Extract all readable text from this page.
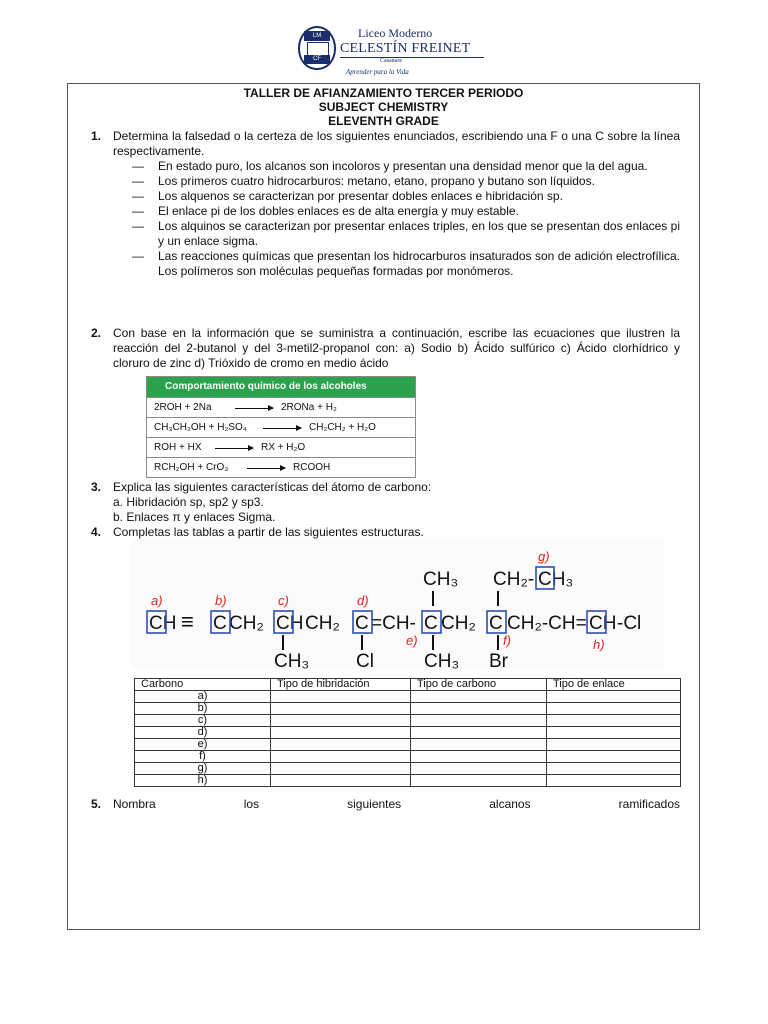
LM
CF
Liceo Moderno
CELESTÍN FREINET
Casanare
Aprender para la Vida
TALLER DE AFIANZAMIENTO TERCER PERIODO
SUBJECT CHEMISTRY
ELEVENTH GRADE
1. Determina la falsedad o la certeza de los siguientes enunciados, escribiendo una F o una C sobre la línea respectivamente.
— En estado puro, los alcanos son incoloros y presentan una densidad menor que la del agua.
— Los primeros cuatro hidrocarburos: metano, etano, propano y butano son líquidos.
— Los alquenos se caracterizan por presentar dobles enlaces e hibridación sp.
— El enlace pi de los dobles enlaces es de alta energía y muy estable.
— Los alquinos se caracterizan por presentar enlaces triples, en los que se presentan dos enlaces pi y un enlace sigma.
— Las reacciones químicas que presentan los hidrocarburos insaturados son de adición electrofílica. Los polímeros son moléculas pequeñas formadas por monómeros.
2. Con base en la información que se suministra a continuación, escribe las ecuaciones que ilustren la reacción del 2-butanol y del 3-metil2-propanol con: a) Sodio b) Ácido sulfúrico c) Ácido clorhídrico y cloruro de zinc d) Trióxido de cromo en medio ácido
Comportamiento químico de los alcoholes
2ROH + 2Na → 2RONa + H₂
CH₃CH₂OH + H₂SO₄ → CH₂CH₂ + H₂O
ROH + HX → RX + H₂O
RCH₂OH + CrO₃ → RCOOH
3. Explica las siguientes características del átomo de carbono:
a. Hibridación sp, sp2 y sp3.
b. Enlaces π y enlaces Sigma.
4. Completas las tablas a partir de las siguientes estructuras.
CH₃ CH₂- CH₃
CH ≡ C CH₂ CH CH₂ C =CH- C CH₂ C CH₂-CH= CH -Cl
CH₃ Cl	CH₃ Br
a)	b)	c)	d)
e)	f)
g)
h)
Carbono	Tipo de hibridación	Tipo de carbono	Tipo de enlace
a)			
b)			
c)			
d)			
e)			
f)			
g)			
h)			
5. Nombra los siguientes alcanos ramificados
